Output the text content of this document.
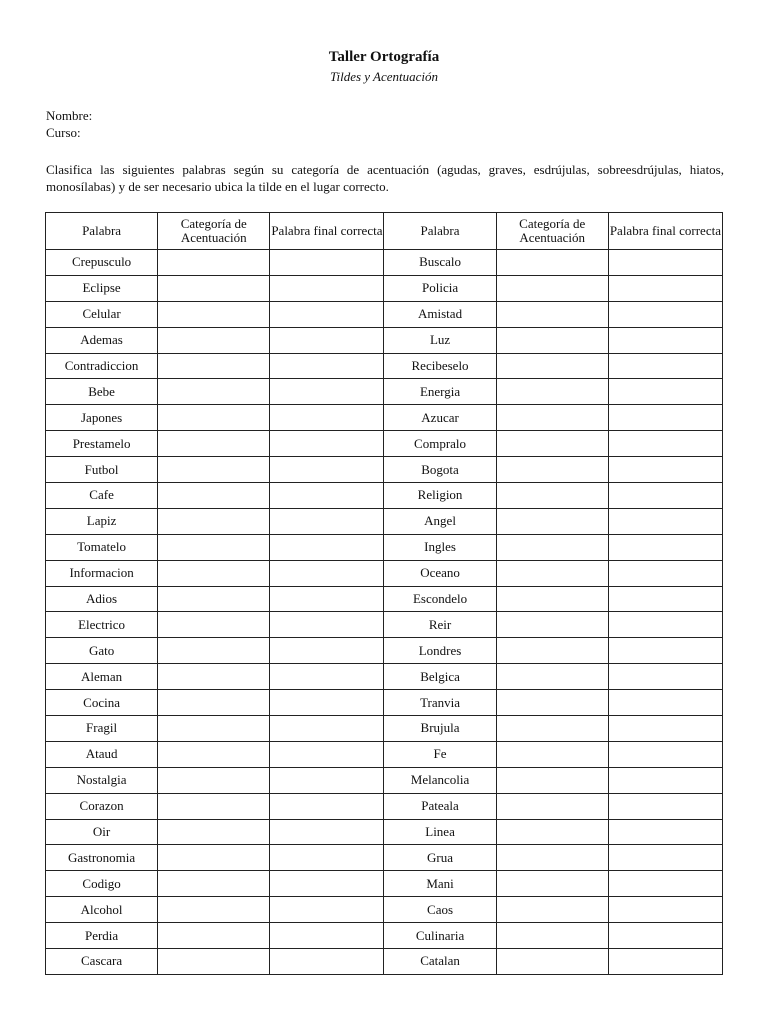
Taller Ortografía
Tildes y Acentuación
Nombre:
Curso:
Clasifica las siguientes palabras según su categoría de acentuación (agudas, graves, esdrújulas, sobreesdrújulas, hiatos, monosílabas) y de ser necesario ubica la tilde en el lugar correcto.
Palabra	Categoría de Acentuación	Palabra final correcta	Palabra	Categoría de Acentuación	Palabra final correcta
Crepusculo			Buscalo		
Eclipse			Policia		
Celular			Amistad		
Ademas			Luz		
Contradiccion			Recibeselo		
Bebe			Energia		
Japones			Azucar		
Prestamelo			Compralo		
Futbol			Bogota		
Cafe			Religion		
Lapiz			Angel		
Tomatelo			Ingles		
Informacion			Oceano		
Adios			Escondelo		
Electrico			Reir		
Gato			Londres		
Aleman			Belgica		
Cocina			Tranvia		
Fragil			Brujula		
Ataud			Fe		
Nostalgia			Melancolia		
Corazon			Pateala		
Oir			Linea		
Gastronomia			Grua		
Codigo			Mani		
Alcohol			Caos		
Perdia			Culinaria		
Cascara			Catalan		
